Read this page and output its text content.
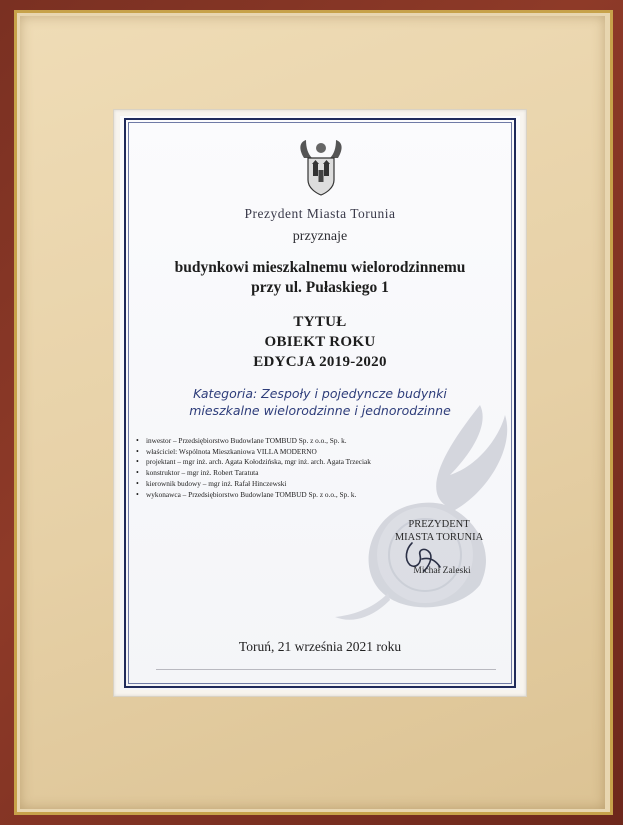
Prezydent Miasta Torunia
przyznaje
budynkowi mieszkalnemu wielorodzinnemu
przy ul. Pułaskiego 1
TYTUŁ
OBIEKT ROKU
EDYCJA 2019-2020
Kategoria: Zespoły i pojedyncze budynki
mieszkalne wielorodzinne i jednorodzinne
• inwestor – Przedsiębiorstwo Budowlane TOMBUD Sp. z o.o., Sp. k.
• właściciel: Wspólnota Mieszkaniowa VILLA MODERNO
• projektant – mgr inż. arch. Agata Kołodzińska, mgr inż. arch. Agata Trzeciak
• konstruktor – mgr inż. Robert Taratuta
• kierownik budowy – mgr inż. Rafał Hinczewski
• wykonawca – Przedsiębiorstwo Budowlane TOMBUD Sp. z o.o., Sp. k.
PREZYDENT
MIASTA TORUNIA
Michał Zaleski
Toruń, 21 września 2021 roku
